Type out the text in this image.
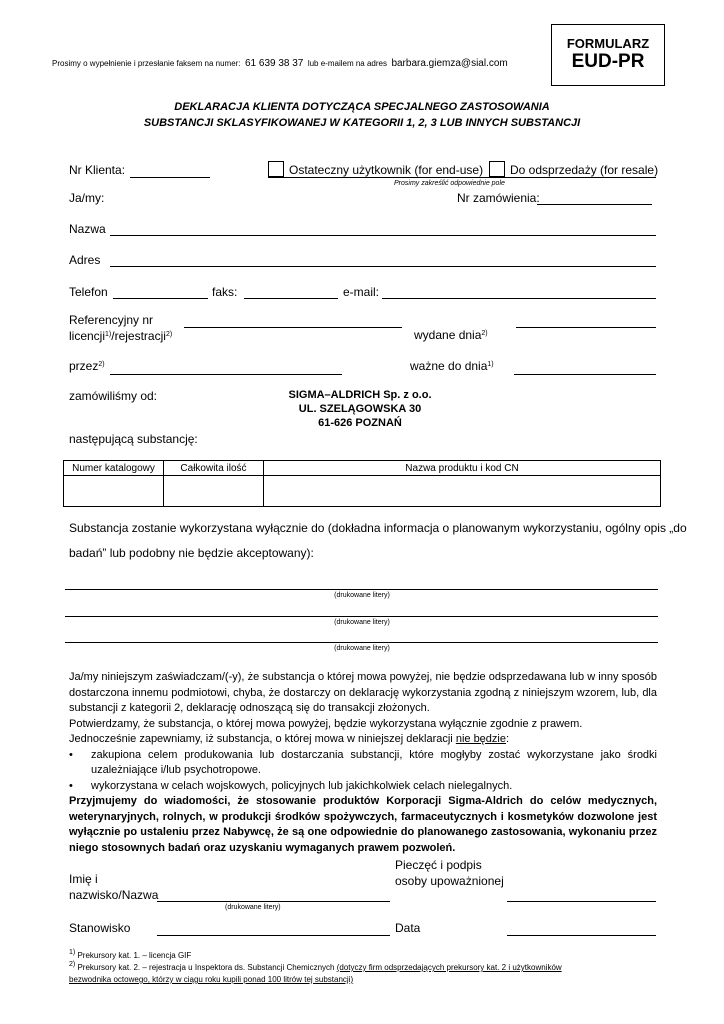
Prosimy o wypełnienie i przesłanie faksem na numer: 61 639 38 37 lub e-mailem na adres barbara.giemza@sial.com
FORMULARZ
EUD-PR
DEKLARACJA KLIENTA DOTYCZĄCA SPECJALNEGO ZASTOSOWANIA
SUBSTANCJI SKLASYFIKOWANEJ W KATEGORII 1, 2, 3 LUB INNYCH SUBSTANCJI
Nr Klienta:	Ostateczny użytkownik (for end-use) Do odsprzedaży (for resale)
Prosimy zakreślić odpowiednie pole
Ja/my:	Nr zamówienia:
Nazwa
Adres
Telefon	faks:	e-mail:
Referencyjny nr
licencji$^{1)}$/rejestracji$^{2)}$	wydane dnia$^{2)}$
przez$^{2)}$	ważne do dnia$^{1)}$
zamówiliśmy od:	SIGMA–ALDRICH Sp. z o.o.
UL. SZELĄGOWSKA 30
61-626 POZNAŃ
następującą substancję:
Numer katalogowy	Całkowita ilość	Nazwa produktu i kod CN

Substancja zostanie wykorzystana wyłącznie do (dokładna informacja o planowanym wykorzystaniu, ogólny opis „do
badań” lub podobny nie będzie akceptowany):
(drukowane litery)
(drukowane litery)
(drukowane litery)

Ja/my niniejszym zaświadczam/(-y), że substancja o której mowa powyżej, nie będzie odsprzedawana lub w inny sposób dostarczona innemu podmiotowi, chyba, że dostarczy on deklarację wykorzystania zgodną z niniejszym wzorem, lub, dla substancji z kategorii 2, deklarację odnoszącą się do transakcji złożonych.

Potwierdzamy, że substancja, o której mowa powyżej, będzie wykorzystana wyłącznie zgodnie z prawem.

Jednocześnie zapewniamy, iż substancja, o której mowa w niniejszej deklaracji nie będzie:

• zakupiona celem produkowania lub dostarczania substancji, które mogłyby zostać wykorzystane jako środki uzależniające i/lub psychotropowe.
• wykorzystana w celach wojskowych, policyjnych lub jakichkolwiek celach nielegalnych.

Przyjmujemy do wiadomości, że stosowanie produktów Korporacji Sigma-Aldrich do celów medycznych, weterynaryjnych, rolnych, w produkcji środków spożywczych, farmaceutycznych i kosmetyków dozwolone jest wyłącznie po ustaleniu przez Nabywcę, że są one odpowiednie do planowanego zastosowania, wykonaniu przez niego stosownych badań oraz uzyskaniu wymaganych prawem pozwoleń.

Imię i
nazwisko/Nazwa
Pieczęć i podpis
osoby upoważnionej
(drukowane litery)
Stanowisko	Data
$^{1)}$ Prekursory kat. 1. – licencja GIF
$^{2)}$ Prekursory kat. 2. – rejestracja u Inspektora ds. Substancji Chemicznych (dotyczy firm odsprzedających prekursory kat. 2 i użytkowników
bezwodnika octowego, którzy w ciągu roku kupili ponad 100 litrów tej substancji)
